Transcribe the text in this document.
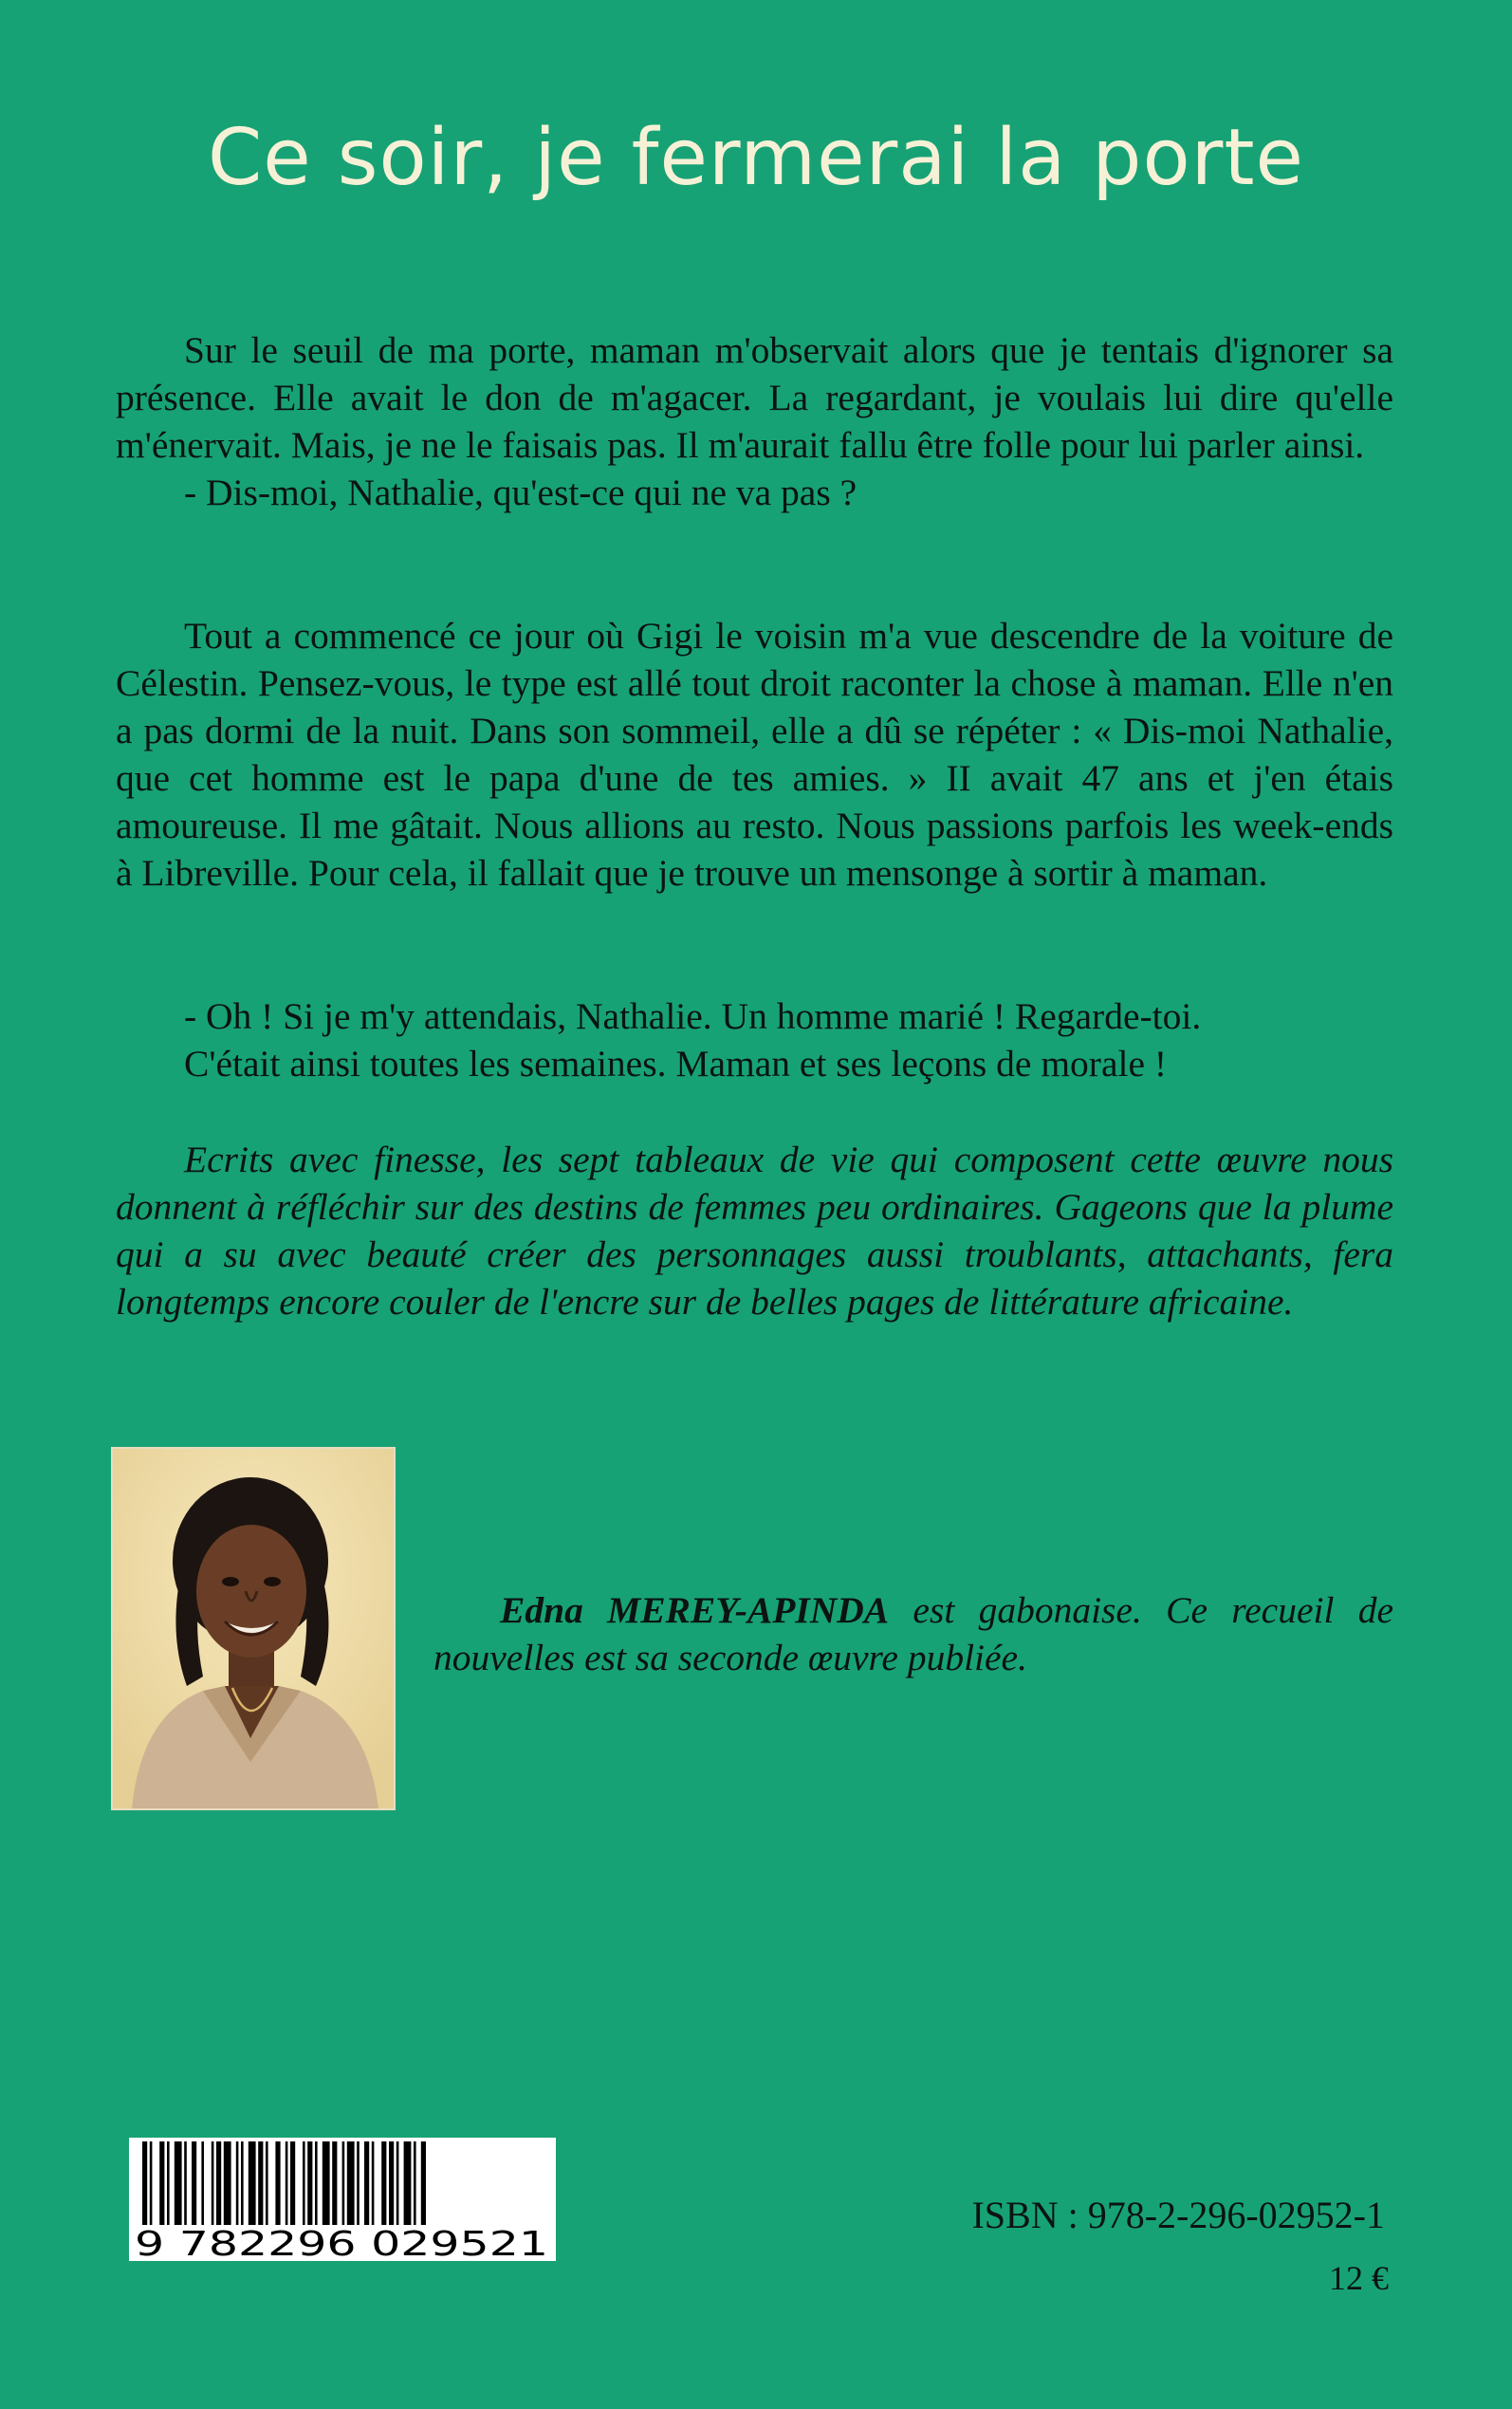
Ce soir, je fermerai la porte

Sur le seuil de ma porte, maman m'observait alors que je tentais d'ignorer sa présence. Elle avait le don de m'agacer. La regardant, je voulais lui dire qu'elle m'énervait. Mais, je ne le faisais pas. Il m'aurait fallu être folle pour lui parler ainsi.

- Dis-moi, Nathalie, qu'est-ce qui ne va pas ?

Tout a commencé ce jour où Gigi le voisin m'a vue descendre de la voiture de Célestin. Pensez-vous, le type est allé tout droit raconter la chose à maman. Elle n'en a pas dormi de la nuit. Dans son sommeil, elle a dû se répéter : « Dis-moi Nathalie, que cet homme est le papa d'une de tes amies. » II avait 47 ans et j'en étais amoureuse. Il me gâtait. Nous allions au resto. Nous passions parfois les week-ends à Libreville. Pour cela, il fallait que je trouve un mensonge à sortir à maman.

- Oh ! Si je m'y attendais, Nathalie. Un homme marié ! Regarde-toi.

C'était ainsi toutes les semaines. Maman et ses leçons de morale !

Ecrits avec finesse, les sept tableaux de vie qui composent cette œuvre nous donnent à réfléchir sur des destins de femmes peu ordinaires. Gageons que la plume qui a su avec beauté créer des personnages aussi troublants, attachants, fera longtemps encore couler de l'encre sur de belles pages de littérature africaine.

Edna MEREY-APINDA est gabonaise. Ce recueil de nouvelles est sa seconde œuvre publiée.

9 782296 029521

ISBN : 978-2-296-02952-1

12 €
